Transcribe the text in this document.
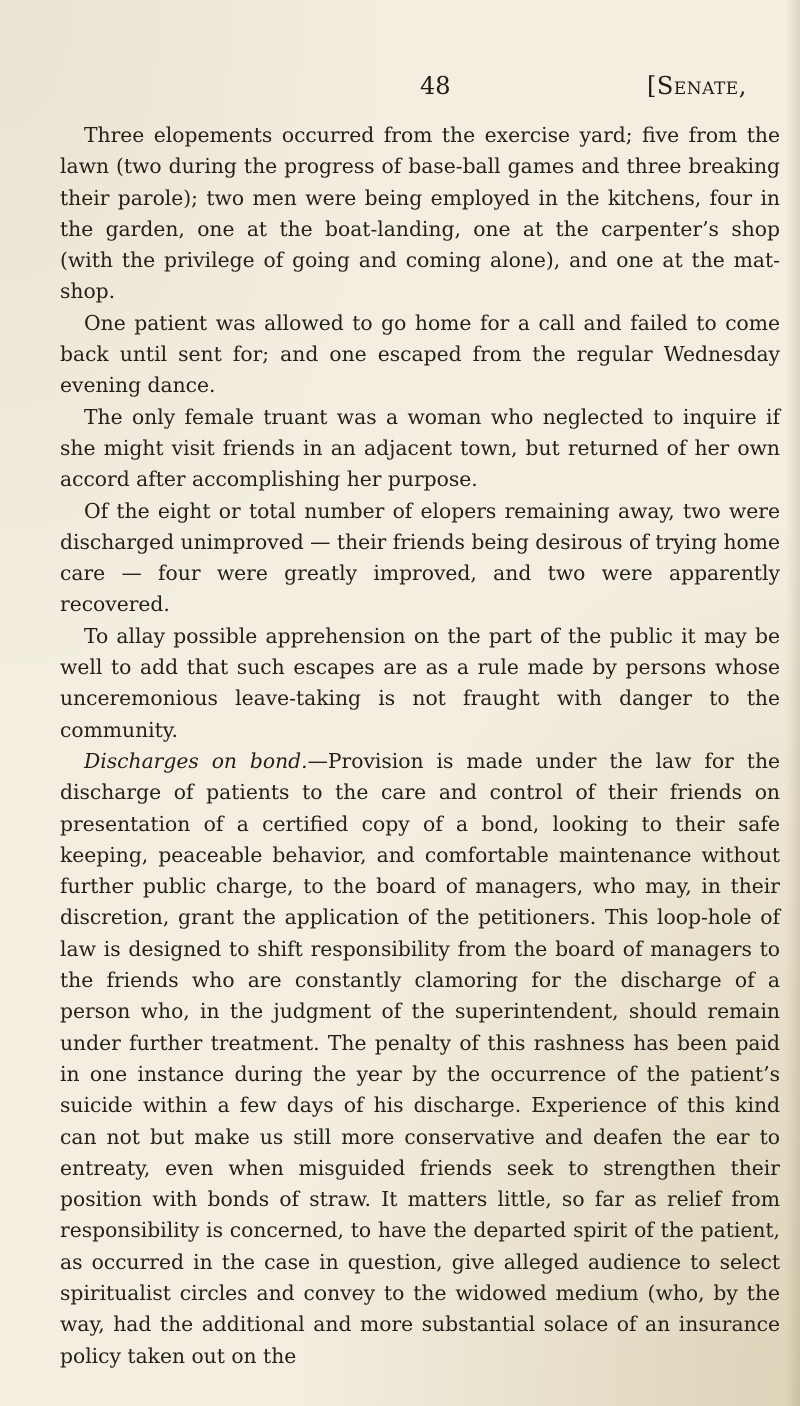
48	[Senate,

Three elopements occurred from the exercise yard; five from the lawn (two during the progress of base-ball games and three breaking their parole); two men were being employed in the kitchens, four in the garden, one at the boat-landing, one at the carpenter’s shop (with the privilege of going and coming alone), and one at the mat-shop.

One patient was allowed to go home for a call and failed to come back until sent for; and one escaped from the regular Wednesday evening dance.

The only female truant was a woman who neglected to inquire if she might visit friends in an adjacent town, but returned of her own accord after accomplishing her purpose.

Of the eight or total number of elopers remaining away, two were discharged unimproved — their friends being desirous of trying home care — four were greatly improved, and two were apparently recovered.

To allay possible apprehension on the part of the public it may be well to add that such escapes are as a rule made by persons whose unceremonious leave-taking is not fraught with danger to the community.

Discharges on bond.—Provision is made under the law for the discharge of patients to the care and control of their friends on presentation of a certified copy of a bond, looking to their safe keeping, peaceable behavior, and comfortable maintenance without further public charge, to the board of managers, who may, in their discretion, grant the application of the petitioners. This loop-hole of law is designed to shift responsibility from the board of managers to the friends who are constantly clamoring for the discharge of a person who, in the judgment of the superintendent, should remain under further treatment. The penalty of this rashness has been paid in one instance during the year by the occurrence of the patient’s suicide within a few days of his discharge. Experience of this kind can not but make us still more conservative and deafen the ear to entreaty, even when misguided friends seek to strengthen their position with bonds of straw. It matters little, so far as relief from responsibility is concerned, to have the departed spirit of the patient, as occurred in the case in question, give alleged audience to select spiritualist circles and convey to the widowed medium (who, by the way, had the additional and more substantial solace of an insurance policy taken out on the
